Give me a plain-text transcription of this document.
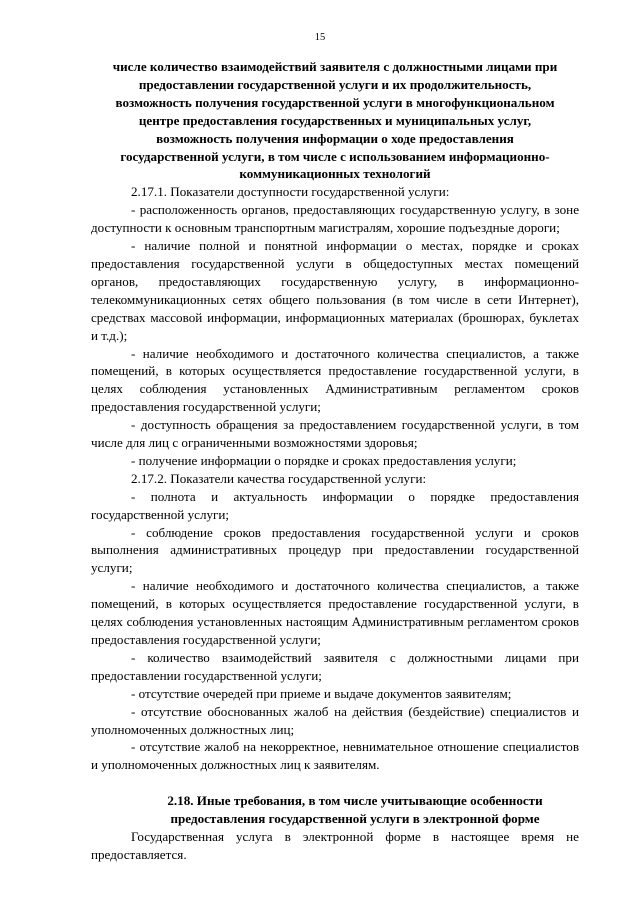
15
числе количество взаимодействий заявителя с должностными лицами при
предоставлении государственной услуги и их продолжительность,
возможность получения государственной услуги в многофункциональном
центре предоставления государственных и муниципальных услуг,
возможность получения информации о ходе предоставления
государственной услуги, в том числе с использованием информационно-
коммуникационных технологий

2.17.1. Показатели доступности государственной услуги:

- расположенность органов, предоставляющих государственную услугу, в зоне доступности к основным транспортным магистралям, хорошие подъездные дороги;

- наличие полной и понятной информации о местах, порядке и сроках предоставления государственной услуги в общедоступных местах помещений органов, предоставляющих государственную услугу, в информационно-телекоммуникационных сетях общего пользования (в том числе в сети Интернет), средствах массовой информации, информационных материалах (брошюрах, буклетах и т.д.);

- наличие необходимого и достаточного количества специалистов, а также помещений, в которых осуществляется предоставление государственной услуги, в целях соблюдения установленных Административным регламентом сроков предоставления государственной услуги;

- доступность обращения за предоставлением государственной услуги, в том числе для лиц с ограниченными возможностями здоровья;

- получение информации о порядке и сроках предоставления услуги;

2.17.2. Показатели качества государственной услуги:

- полнота и актуальность информации о порядке предоставления государственной услуги;

- соблюдение сроков предоставления государственной услуги и сроков выполнения административных процедур при предоставлении государственной услуги;

- наличие необходимого и достаточного количества специалистов, а также помещений, в которых осуществляется предоставление государственной услуги, в целях соблюдения установленных настоящим Административным регламентом сроков предоставления государственной услуги;

- количество взаимодействий заявителя с должностными лицами при предоставлении государственной услуги;

- отсутствие очередей при приеме и выдаче документов заявителям;

- отсутствие обоснованных жалоб на действия (бездействие) специалистов и уполномоченных должностных лиц;

- отсутствие жалоб на некорректное, невнимательное отношение специалистов и уполномоченных должностных лиц к заявителям.

2.18. Иные требования, в том числе учитывающие особенности
предоставления государственной услуги в электронной форме

Государственная услуга в электронной форме в настоящее время не предоставляется.
